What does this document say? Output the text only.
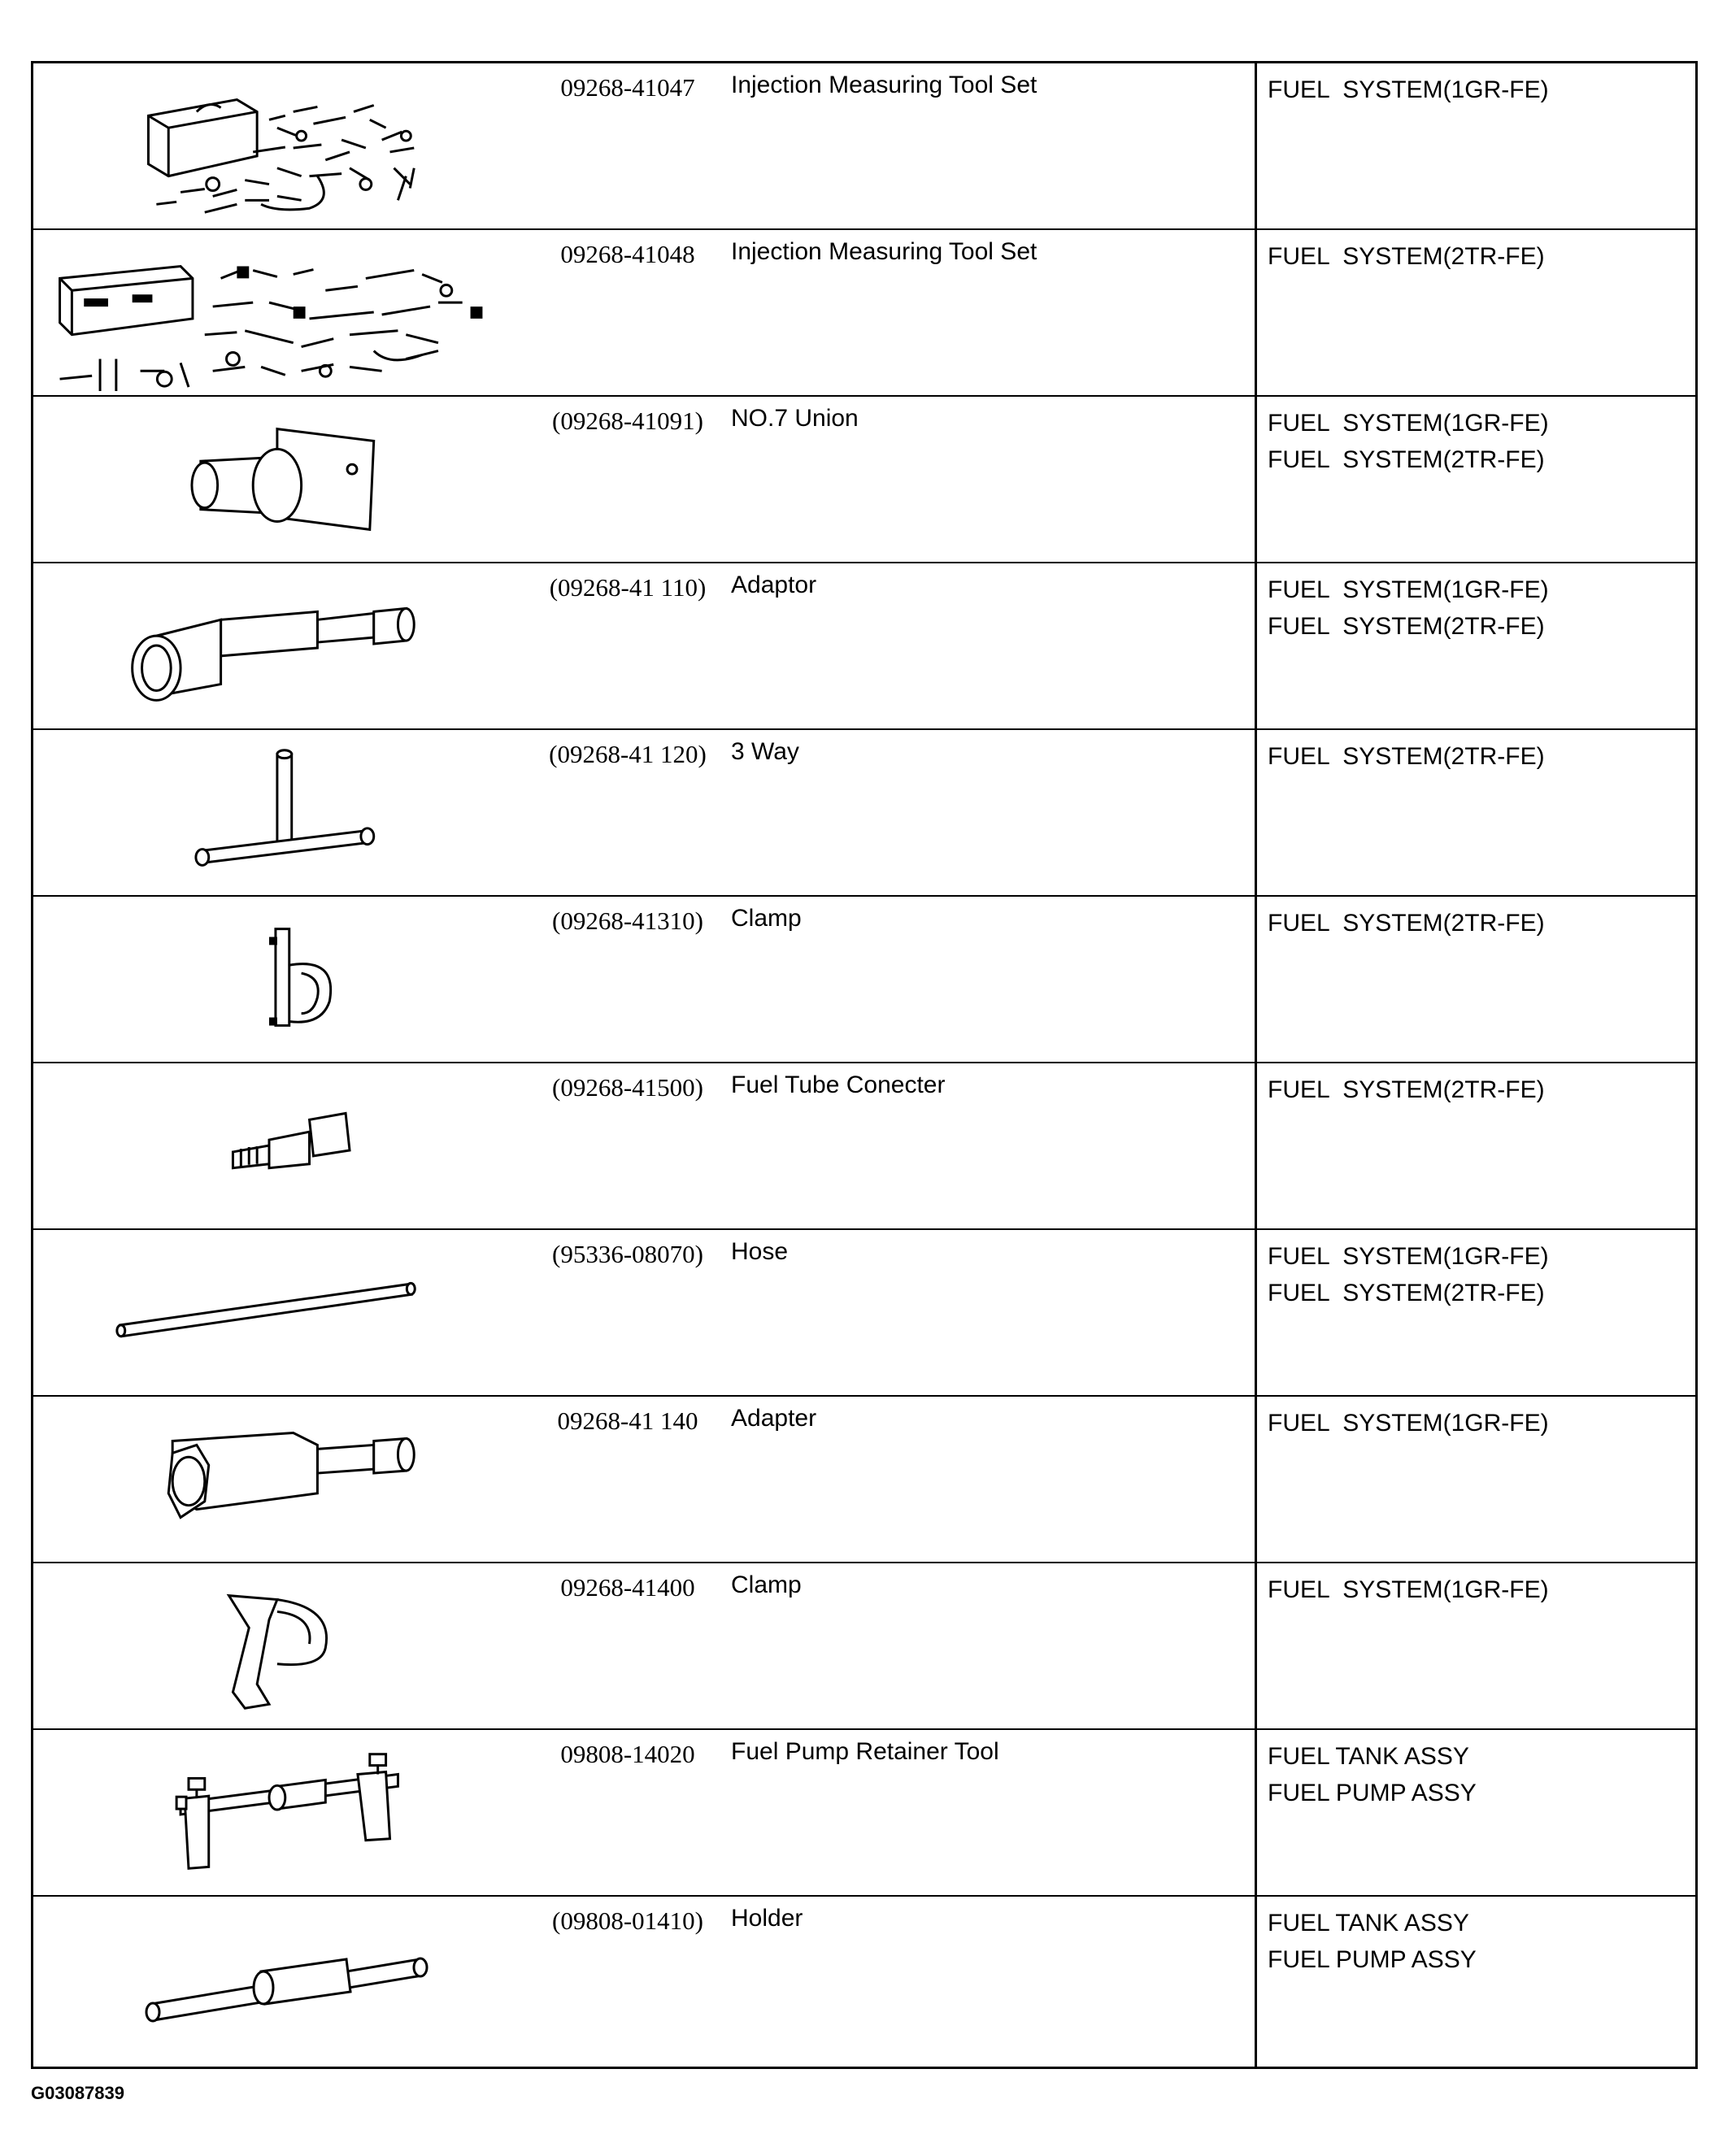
09268-41047	Injection Measuring Tool Set	FUEL  SYSTEM(1GR-FE)
09268-41048	Injection Measuring Tool Set	FUEL  SYSTEM(2TR-FE)
(09268-41091)	NO.7 Union	FUEL  SYSTEM(1GR-FE)
FUEL  SYSTEM(2TR-FE)
(09268-41 110)	Adaptor	FUEL  SYSTEM(1GR-FE)
FUEL  SYSTEM(2TR-FE)
(09268-41 120)	3 Way	FUEL  SYSTEM(2TR-FE)
(09268-41310)	Clamp	FUEL  SYSTEM(2TR-FE)
(09268-41500)	Fuel Tube Conecter	FUEL  SYSTEM(2TR-FE)
(95336-08070)	Hose	FUEL  SYSTEM(1GR-FE)
FUEL  SYSTEM(2TR-FE)
09268-41 140	Adapter	FUEL  SYSTEM(1GR-FE)
09268-41400	Clamp	FUEL  SYSTEM(1GR-FE)
09808-14020	Fuel Pump Retainer Tool	FUEL TANK ASSY
FUEL PUMP ASSY
(09808-01410)	Holder	FUEL TANK ASSY
FUEL PUMP ASSY
G03087839
